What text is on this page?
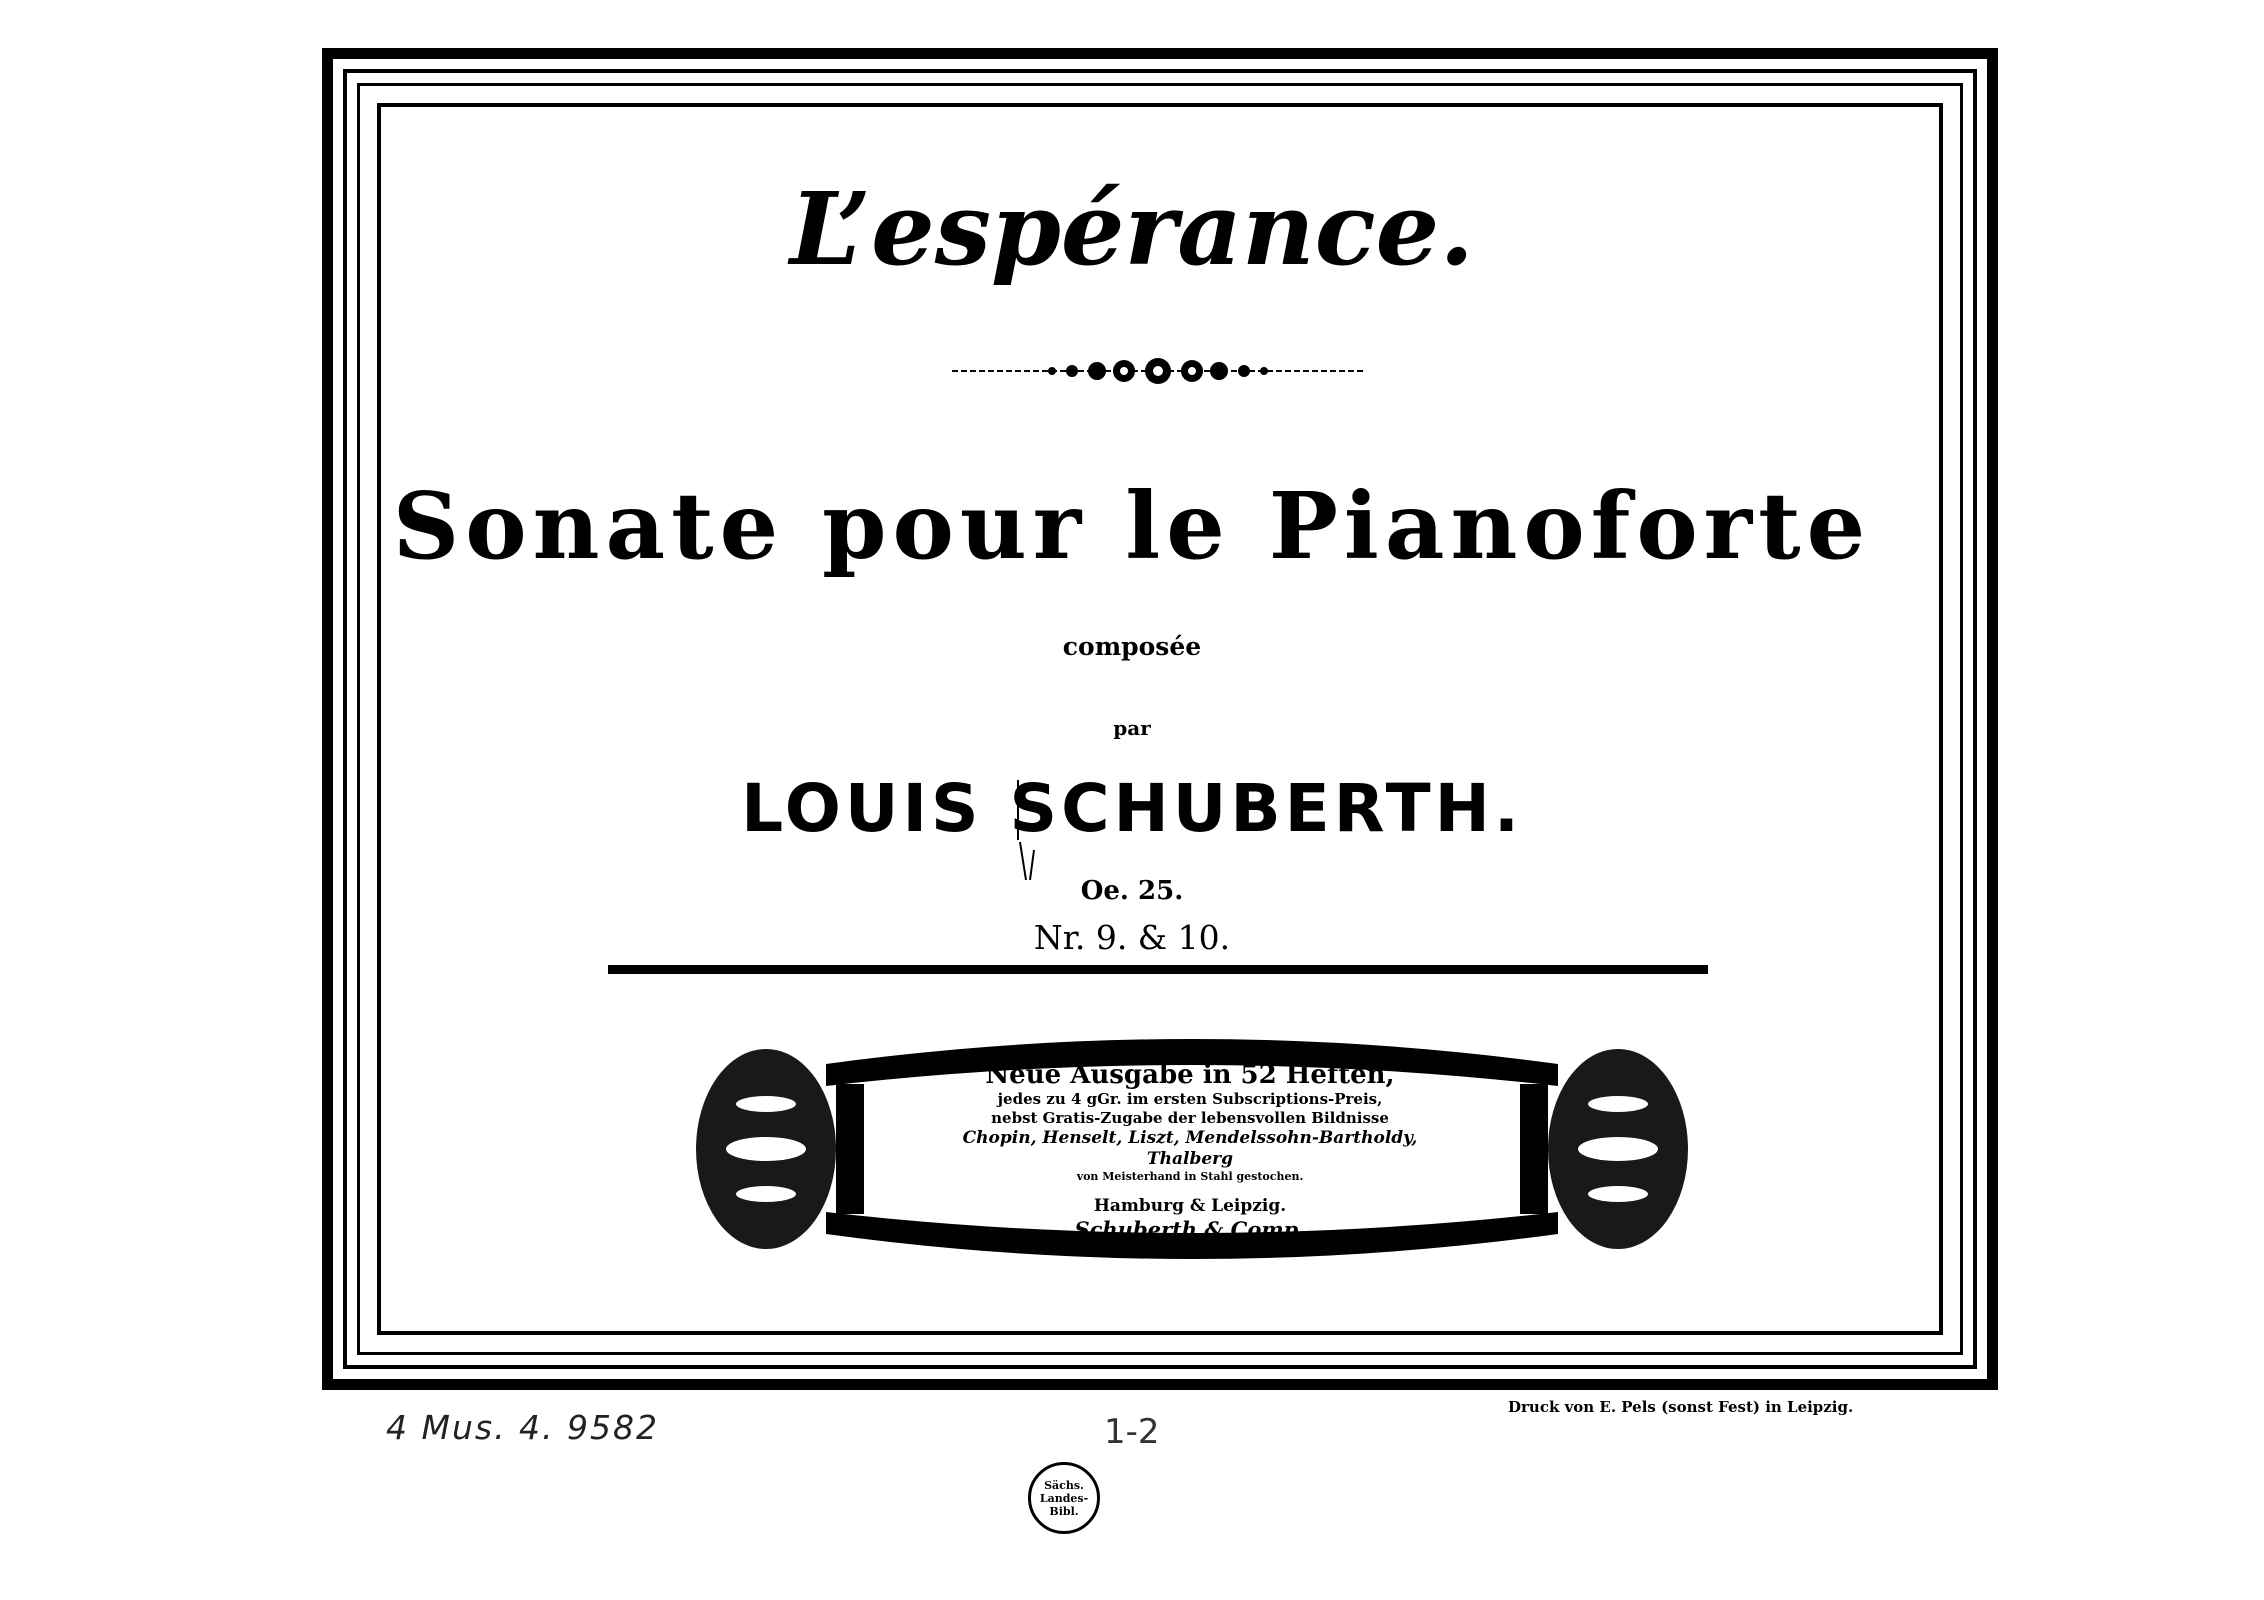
L’espérance.
Sonate pour le Pianoforte
composée
par
LOUIS SCHUBERTH.
Oe. 25.
Nr. 9. & 10.
Neue Ausgabe in 52 Heften,
jedes zu 4 gGr. im ersten Subscriptions-Preis,
nebst Gratis-Zugabe der lebensvollen Bildnisse
Chopin, Henselt, Liszt, Mendelssohn-Bartholdy, Thalberg
von Meisterhand in Stahl gestochen.
Hamburg & Leipzig.
Schuberth & Comp.
4 Mus. 4. 9582	1-2
Druck von E. Pels (sonst Fest) in Leipzig.
Sächs.
Landes-
Bibl.
